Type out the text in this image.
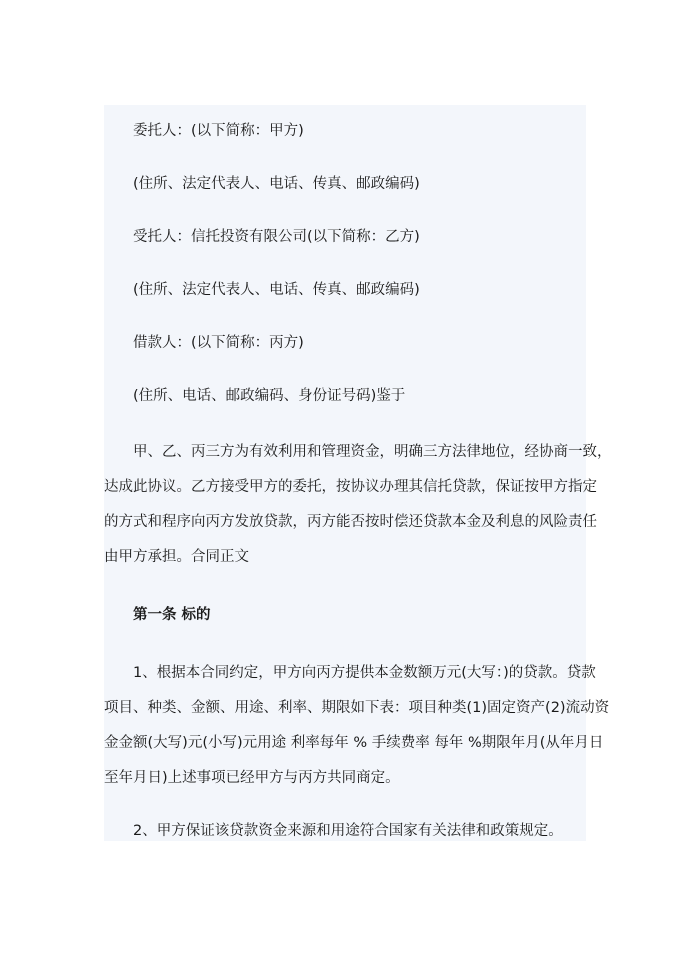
委托人：(以下简称：甲方)
(住所、法定代表人、电话、传真、邮政编码)
受托人：信托投资有限公司(以下简称：乙方)
(住所、法定代表人、电话、传真、邮政编码)
借款人：(以下简称：丙方)
(住所、电话、邮政编码、身份证号码)鉴于
甲、乙、丙三方为有效利用和管理资金，明确三方法律地位，经协商一致，
达成此协议。乙方接受甲方的委托，按协议办理其信托贷款，保证按甲方指定
的方式和程序向丙方发放贷款，丙方能否按时偿还贷款本金及利息的风险责任
由甲方承担。合同正文
第一条 标的
1、根据本合同约定，甲方向丙方提供本金数额万元(大写：)的贷款。贷款
项目、种类、金额、用途、利率、期限如下表：项目种类(1)固定资产(2)流动资
金金额(大写)元(小写)元用途 利率每年 % 手续费率 每年 %期限年月(从年月日
至年月日)上述事项已经甲方与丙方共同商定。
2、甲方保证该贷款资金来源和用途符合国家有关法律和政策规定。
